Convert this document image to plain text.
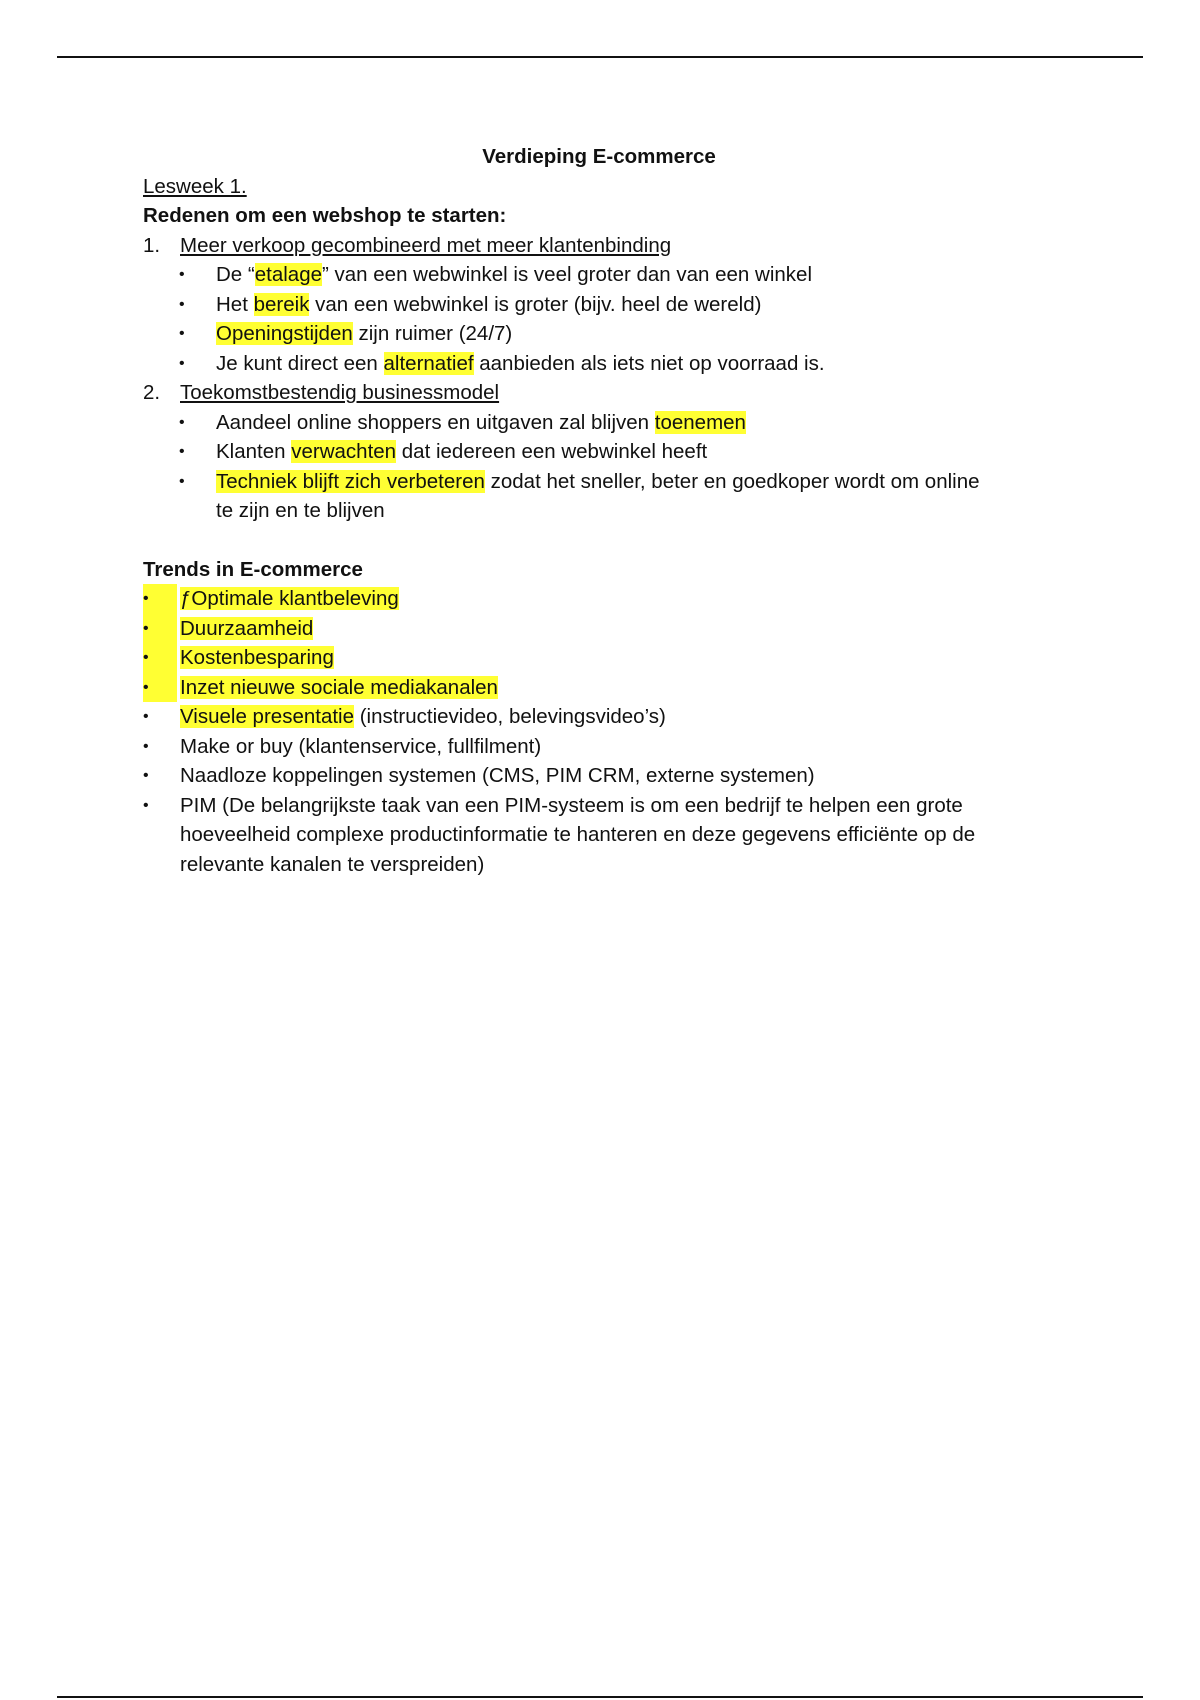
Verdieping E-commerce
Lesweek 1.
Redenen om een webshop te starten:
1. Meer verkoop gecombineerd met meer klantenbinding
• De “etalage” van een webwinkel is veel groter dan van een winkel
• Het bereik van een webwinkel is groter (bijv. heel de wereld)
• Openingstijden zijn ruimer (24/7)
• Je kunt direct een alternatief aanbieden als iets niet op voorraad is.
2. Toekomstbestendig businessmodel
• Aandeel online shoppers en uitgaven zal blijven toenemen
• Klanten verwachten dat iedereen een webwinkel heeft
• Techniek blijft zich verbeteren zodat het sneller, beter en goedkoper wordt om online
te zijn en te blijven
Trends in E-commerce
•	ƒOptimale klantbeleving
•	Duurzaamheid
•	Kostenbesparing
•	Inzet nieuwe sociale mediakanalen
• Visuele presentatie (instructievideo, belevingsvideo’s)
• Make or buy (klantenservice, fullfilment)
• Naadloze koppelingen systemen (CMS, PIM CRM, externe systemen)
• PIM (De belangrijkste taak van een PIM-systeem is om een bedrijf te helpen een grote
hoeveelheid complexe productinformatie te hanteren en deze gegevens efficiënte op de
relevante kanalen te verspreiden)
